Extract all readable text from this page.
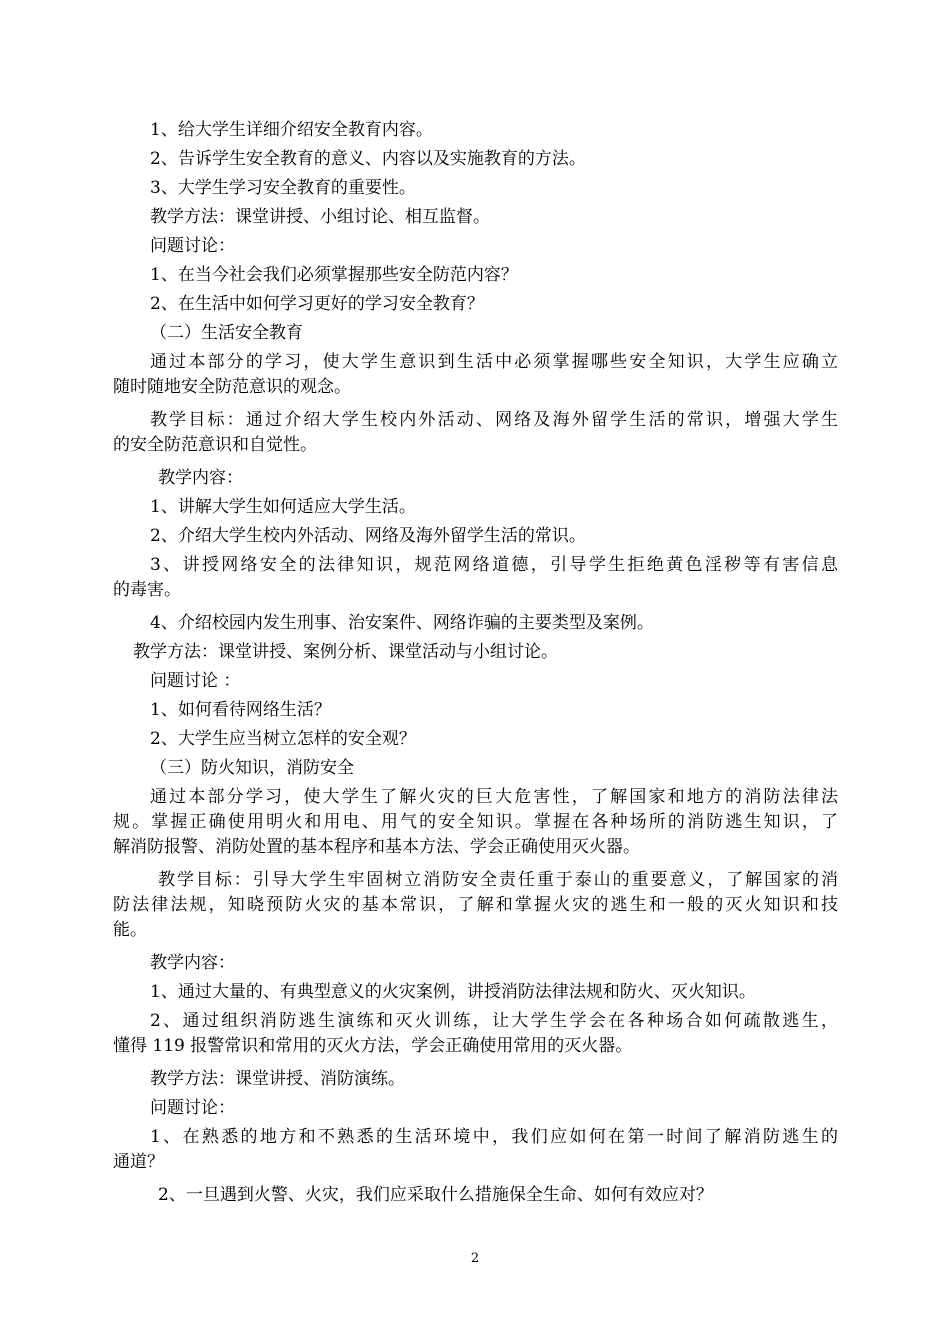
1、给大学生详细介绍安全教育内容。
2、告诉学生安全教育的意义、内容以及实施教育的方法。
3、大学生学习安全教育的重要性。
教学方法：课堂讲授、小组讨论、相互监督。
问题讨论：
1、在当今社会我们必须掌握那些安全防范内容？
2、在生活中如何学习更好的学习安全教育？
（二）生活安全教育
通过本部分的学习，使大学生意识到生活中必须掌握哪些安全知识，大学生应确立
随时随地安全防范意识的观念。
教学目标：通过介绍大学生校内外活动、网络及海外留学生活的常识，增强大学生
的安全防范意识和自觉性。
教学内容：
1、讲解大学生如何适应大学生活。
2、介绍大学生校内外活动、网络及海外留学生活的常识。
3、讲授网络安全的法律知识，规范网络道德，引导学生拒绝黄色淫秽等有害信息
的毒害。
4、介绍校园内发生刑事、治安案件、网络诈骗的主要类型及案例。
教学方法：课堂讲授、案例分析、课堂活动与小组讨论。
问题讨论 ：
1、如何看待网络生活？
2、大学生应当树立怎样的安全观？
（三）防火知识，消防安全
通过本部分学习，使大学生了解火灾的巨大危害性，了解国家和地方的消防法律法
规。掌握正确使用明火和用电、用气的安全知识。掌握在各种场所的消防逃生知识，了
解消防报警、消防处置的基本程序和基本方法、学会正确使用灭火器。
教学目标：引导大学生牢固树立消防安全责任重于泰山的重要意义，了解国家的消
防法律法规，知晓预防火灾的基本常识，了解和掌握火灾的逃生和一般的灭火知识和技
能。
教学内容：
1、通过大量的、有典型意义的火灾案例，讲授消防法律法规和防火、灭火知识。
2、通过组织消防逃生演练和灭火训练，让大学生学会在各种场合如何疏散逃生，
懂得 119 报警常识和常用的灭火方法，学会正确使用常用的灭火器。
教学方法：课堂讲授、消防演练。
问题讨论：
1、在熟悉的地方和不熟悉的生活环境中，我们应如何在第一时间了解消防逃生的
通道？
2、一旦遇到火警、火灾，我们应采取什么措施保全生命、如何有效应对？
2
